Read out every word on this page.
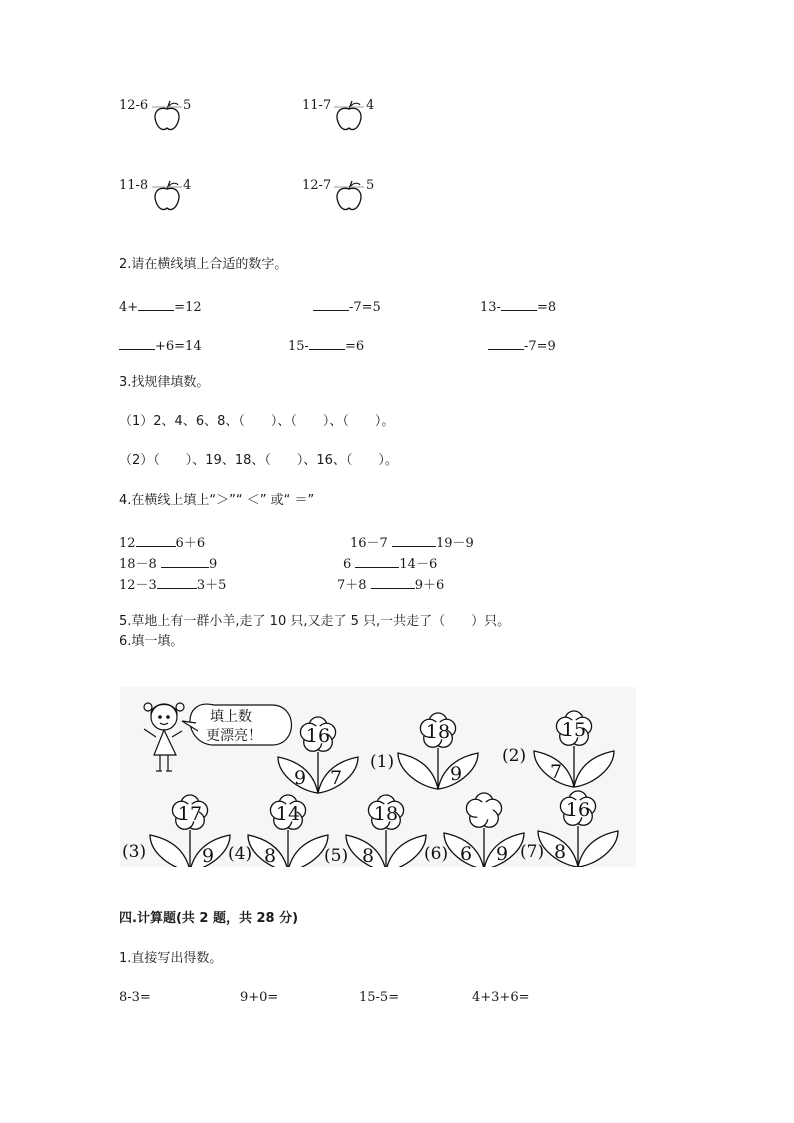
12-6	5	11-7	4
11-8	4	12-7	5
2.请在横线填上合适的数字。
4+	=12	-7=5	13-	=8
+6=14	15-	=6	-7=9
3.找规律填数。
（1）2、4、6、8、（　　）、（　　）、（　　）。
（2）（　　）、19、18、（　　）、16、（　　）。
4.在横线上填上“＞”“ ＜” 或“ ＝”
12	6＋6	16－7	19－9
18－8	9	6	14－6
12－3	3＋5	7＋8	9＋6
5.草地上有一群小羊,走了 10 只,又走了 5 只,一共走了（　　）只。
6.填一填。
填上数
更漂亮！ 16
9 7
18
9
(1)
15
7
(2)
17
9
(3)
14
8
(4)
18
8
(5)	6 9
(6)
16
8
(7)
四.计算题(共 2 题，共 28 分)
1.直接写出得数。
8-3=	9+0=	15-5=	4+3+6=
